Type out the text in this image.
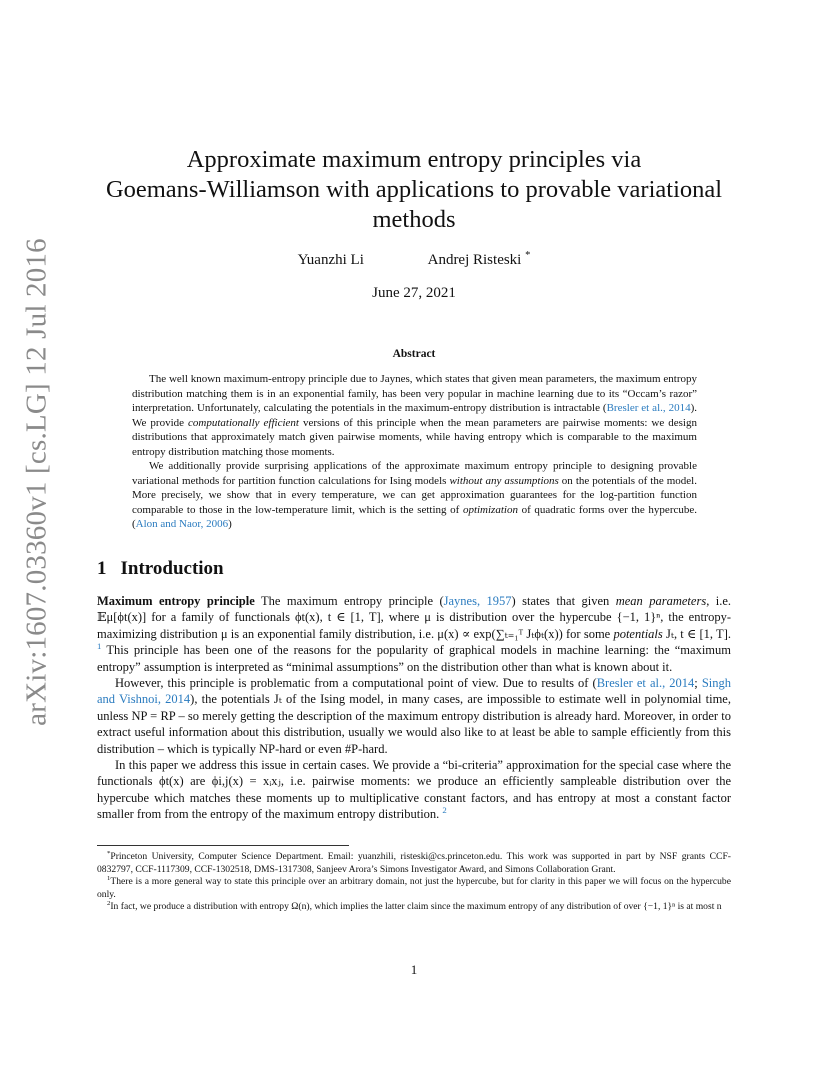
arXiv:1607.03360v1 [cs.LG] 12 Jul 2016
Approximate maximum entropy principles via
Goemans-Williamson with applications to provable variational
methods
Yuanzhi Li	Andrej Risteski *
June 27, 2021
Abstract

The well known maximum-entropy principle due to Jaynes, which states that given mean parameters, the maximum entropy distribution matching them is in an exponential family, has been very popular in machine learning due to its “Occam’s razor” interpretation. Unfortunately, calculating the potentials in the maximum-entropy distribution is intractable (Bresler et al., 2014). We provide computationally efficient versions of this principle when the mean parameters are pairwise moments: we design distributions that approximately match given pairwise moments, while having entropy which is comparable to the maximum entropy distribution matching those moments.

We additionally provide surprising applications of the approximate maximum entropy principle to designing provable variational methods for partition function calculations for Ising models without any assumptions on the potentials of the model. More precisely, we show that in every temperature, we can get approximation guarantees for the log-partition function comparable to those in the low-temperature limit, which is the setting of optimization of quadratic forms over the hypercube. (Alon and Naor, 2006)

1 Introduction

Maximum entropy principle The maximum entropy principle (Jaynes, 1957) states that given mean parameters, i.e. 𝔼μ[ϕt(x)] for a family of functionals ϕt(x), t ∈ [1, T], where μ is distribution over the hypercube {−1, 1}ⁿ, the entropy-maximizing distribution μ is an exponential family distribution, i.e. μ(x) ∝ exp(∑ₜ₌₁ᵀ Jₜϕₜ(x)) for some potentials Jₜ, t ∈ [1, T]. $^1$ This principle has been one of the reasons for the popularity of graphical models in machine learning: the “maximum entropy” assumption is interpreted as “minimal assumptions” on the distribution other than what is known about it.

However, this principle is problematic from a computational point of view. Due to results of (Bresler et al., 2014; Singh and Vishnoi, 2014), the potentials Jₜ of the Ising model, in many cases, are impossible to estimate well in polynomial time, unless NP = RP – so merely getting the description of the maximum entropy distribution is already hard. Moreover, in order to extract useful information about this distribution, usually we would also like to at least be able to sample efficiently from this distribution – which is typically NP-hard or even #P-hard.

In this paper we address this issue in certain cases. We provide a “bi-criteria” approximation for the special case where the functionals ϕt(x) are ϕi,j(x) = xᵢxⱼ, i.e. pairwise moments: we produce an efficiently sampleable distribution over the hypercube which matches these moments up to multiplicative constant factors, and has entropy at most a constant factor smaller from from the entropy of the maximum entropy distribution. $^2$

*Princeton University, Computer Science Department. Email: yuanzhili, risteski@cs.princeton.edu. This work was supported in part by NSF grants CCF-0832797, CCF-1117309, CCF-1302518, DMS-1317308, Sanjeev Arora’s Simons Investigator Award, and Simons Collaboration Grant.

$^1$There is a more general way to state this principle over an arbitrary domain, not just the hypercube, but for clarity in this paper we will focus on the hypercube only.

$^2$In fact, we produce a distribution with entropy Ω(n), which implies the latter claim since the maximum entropy of any distribution of over {−1, 1}ⁿ is at most n

1
